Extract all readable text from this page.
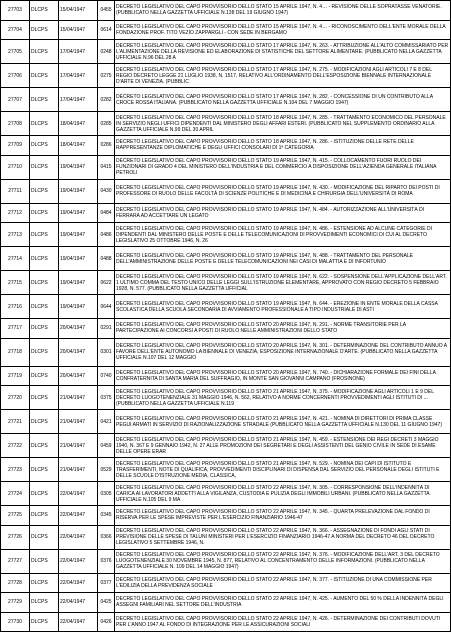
27703	DLCPS	15/04/1947	0455	DECRETO LEGISLATIVO DEL CAPO PROVVISORIO DELLO STATO 15 APRILE 1947, N. 4… - REVISIONE DELLE SOPRATASSE VENATORIE. (PUBBLICATO NELLA GAZZETTA UFFICIALE N.138 DEL 19 GIUGNO 1947)

27704	DLCPS	15/04/1947	0614	DECRETO LEGISLATIVO DEL CAPO PROVVISORIO DELLO STATO 15 APRILE 1947, N. 4… - RICONOSCIMENTO DELL'ENTE MORALE DELLA FONDAZIONE PROF. TITO VEZIO ZAPPARGLI - CON SEDE IN BERGAMO

27705	DLCPS	17/04/1947	0248	DECRETO LEGISLATIVO DEL CAPO PROVVISORIO DELLO STATO 17 APRILE 1947, N. 263. - ATTRIBUZIONE ALL'ALTO COMMISSARIATO PER L'ALIMENTAZIONE DELLA REVISIONE ED ELABORAZIONE DI STATISTICHE DEL SETTORE ALIMENTARE. (PUBBLICATO NELLA GAZZETTA UFFICIALE N.96 DEL 28 A

27706	DLCPS	17/04/1947	0275	DECRETO LEGISLATIVO DEL CAPO PROVVISORIO DELLO STATO 17 APRILE 1947, N. 275. - MODIFICAZIONI AGLI ARTICOLI 7 E 8 DEL REGIO DECRETO LEGGE 21 LUGLIO 1938, N. 1517, RELATIVO ALL'ORDINAMENTO DELL'ESPOSIZIONE BIENNALE INTERNAZIONALE D'ARTE DI VENEZIA. (PUBBLIC

27707	DLCPS	17/04/1947	0282	DECRETO LEGISLATIVO DEL CAPO PROVVISORIO DELLO STATO 17 APRILE 1947, N. 282. - CONCESSIONE DI UN CONTRIBUTO ALLA CROCE ROSSA ITALIANA. (PUBBLICATO NELLA GAZZETTA UFFICIALE N.104 DEL 7 MAGGIO 1947)

27708	DLCPS	18/04/1947	0285	DECRETO LEGISLATIVO DEL CAPO PROVVISORIO DELLO STATO 18 APRILE 1947, N. 285. - TRATTAMENTO ECONOMICO DEL PERSONALE IN SERVIZIO NEGLI UFFICI DIPENDENTI DAL MINISTERO DEGLI AFFARI ESTERI. (PUBBLICATO NEL SUPPLEMENTO ORDINARIO ALLA GAZZETTA UFFICIALE N.99 DEL 30 APRIL

27709	DLCPS	18/04/1947	0286	DECRETO LEGISLATIVO DEL CAPO PROVVISORIO DELLO STATO 18 APRILE 1947, N. 286. - ISTITUZIONE DELLE RETE DELLE RAPPRESENTANZE DIPLOMATICHE E DEGLI UFFICI CONSOLARI DI 1ª CATEGORIA

27710	DLCPS	19/04/1947	0415	DECRETO LEGISLATIVO DEL CAPO PROVVISORIO DELLO STATO 19 APRILE 1947, N. 415. - COLLOCAMENTO FUORI RUOLO DEI FUNZIONARI DI GRADO 4 DEL MINISTERO DELL'INDUSTRIA E DEL COMMERCIO A DISPOSIZIONE DELL'AZIENDA GENERALE ITALIANA PETROLI

27711	DLCPS	19/04/1947	0430	DECRETO LEGISLATIVO DEL CAPO PROVVISORIO DELLO STATO 19 APRILE 1947, N. 430. - MODIFICAZIONE DEL RIPARTO DEI POSTI DI PROFESSORE DI RUOLO DELLE FACOLTÀ DI SCIENZE POLITICHE E DI MEDICINA E CHIRURGIA DELL'UNIVERSITÀ DI ROMA

27712	DLCPS	19/04/1947	0484	DECRETO LEGISLATIVO DEL CAPO PROVVISORIO DELLO STATO 19 APRILE 1947, N. 484. - AUTORIZZAZIONE ALL'UNIVERSITÀ DI FERRARA AD ACCETTARE UN LEGATO

27713	DLCPS	19/04/1947	0486	DECRETO LEGISLATIVO DEL CAPO PROVVISORIO DELLO STATO 19 APRILE 1947, N. 486. - ESTENSIONE AD ALCUNE CATEGORIE DI DIPENDENTI DAL MINISTERO DELLE POSTE E DELLE TELECOMUNICAZIONI DI PROVVEDIMENTI ECONOMICI DI CUI AL DECRETO LEGISLATIVO 25 OTTOBRE 1946, N. 26

27714	DLCPS	19/04/1947	0488	DECRETO LEGISLATIVO DEL CAPO PROVVISORIO DELLO STATO 19 APRILE 1947, N. 488. - TRATTAMENTO DEL PERSONALE DELL'AMMINISTRAZIONE DELLE POSTE E DELLE TELECOMUNICAZIONI NEI CASI DI MALATTIA E DI INFORTUNIO

27715	DLCPS	19/04/1947	0622	DECRETO LEGISLATIVO DEL CAPO PROVVISORIO DELLO STATO 19 APRILE 1947, N. 622. - SOSPENSIONE DELL'APPLICAZIONE DELL'ART. 1 ULTIMO COMMA DEL TESTO UNICO DELLE LEGGI SULL'ISTRUZIONE ELEMENTARE, APPROVATO CON REGIO DECRETO 5 FEBBRAIO 1928, N. 577. (PUBBLICATO NELLA GAZZETTA UFFICIAL

27716	DLCPS	19/04/1947	0644	DECRETO LEGISLATIVO DEL CAPO PROVVISORIO DELLO STATO 19 APRILE 1947, N. 644. - EREZIONE IN ENTE MORALE DELLA CASSA SCOLASTICA DELLA SCUOLA SECONDARIA DI AVVIAMENTO PROFESSIONALE A TIPO INDUSTRIALE DI ASTI

27717	DLCPS	20/04/1947	0291	DECRETO LEGISLATIVO DEL CAPO PROVVISORIO DELLO STATO 20 APRILE 1947, N. 291. - NORME TRANSITORIE PER LA PARTECIPAZIONE AI CONCORSI A POSTI DI RUOLO NELLE AMMINISTRAZIONI DELLO STATO

27718	DLCPS	20/04/1947	0301	DECRETO LEGISLATIVO DEL CAPO PROVVISORIO DELLO STATO 20 APRILE 1947, N. 301. - DETERMINAZIONE DEL CONTRIBUTO ANNUO A FAVORE DELL'ENTE AUTONOMO LA BIENNALE DI VENEZIA, ESPOSIZIONE INTERNAZIONALE D'ARTE. (PUBBLICATO NELLA GAZZETTA UFFICIALE N.107 DEL 12 MAGGIO

27719	DLCPS	20/04/1947	0740	DECRETO LEGISLATIVO DEL CAPO PROVVISORIO DELLO STATO 20 APRILE 1947, N. 740. - DICHIARAZIONE FORMALE DEI FINI DELLA CONFRATERNITA DI SANTA MARIA DEL SUFFRAGIO, IN MONTE SAN GIOVANNI CAMPANO (FROSINONE)

27720	DLCPS	21/04/1947	0375	DECRETO LEGISLATIVO DEL CAPO PROVVISORIO DELLO STATO 21 APRILE 1947, N. 375. - MODIFICAZIONE AGLI ARTICOLI 1 E 9 DEL DECRETO LUOGOTENENZIALE 31 MAGGIO 1946, N. 562, RELATIVO A NORME CONCERNENTI PROVVEDIMENTI AGLI ISTITUTI DI ... (PUBBLICATO NELLA GAZZETTA UFFICIALE N.119

27721	DLCPS	21/04/1947	0421	DECRETO LEGISLATIVO DEL CAPO PROVVISORIO DELLO STATO 21 APRILE 1947, N. 421. - NOMINA DI DIRETTORI DI PRIMA CLASSE PEGUI ARMATI IN SERVIZIO DI RAZIONALIZZAZIONE STRADALE (PUBBLICATO NELLA GAZZETTA UFFICIALE N.130 DEL 11 GIUGNO 1947)

27722	DLCPS	21/04/1947	0459	DECRETO LEGISLATIVO DEL CAPO PROVVISORIO DELLO STATO 21 APRILE 1947, N. 459. - ESTENSIONE DEI REGI DECRETI 3 MAGGIO 1940, N. 367 E 9 GENNAIO 1942, N. 27 ALLE PROMOZIONI DEI SEGRETARI E DEGLI ASSISTENTI DEL GENIO CIVILE IN SEDE DI ESAME DELLE OPERE ERAR

27723	DLCPS	21/04/1947	0529	DECRETO LEGISLATIVO DEL CAPO PROVVISORIO DELLO STATO 21 APRILE 1947, N. 529. - NOMINA DEI CAPI DI ISTITUTO E TRASFERIMENTI, NOTE DI QUALIFICA, PROVVEDIMENTI DISCIPLINARI DI DISPENSA DAL SERVIZIO DEL PERSONALE DEGLI ISTITUTI E DELLE SCUOLE D'ISTRUZIONE MEDIA, CLASSICA,

27724	DLCPS	22/04/1947	0305	DECRETO LEGISLATIVO DEL CAPO PROVVISORIO DELLO STATO 22 APRILE 1947, N. 305. - CORRESPONSIONE DELL'INDENNITÀ DI CARICA AI LAVORATORI ADDETTI ALLA VIGILANZA, CUSTODIA E PULIZIA DEGLI IMMOBILI URBANI. (PUBBLICATO NELLA GAZZETTA UFFICIALE N.105 DEL 9 MA

27725	DLCPS	22/04/1947	0345	DECRETO LEGISLATIVO DEL CAPO PROVVISORIO DELLO STATO 22 APRILE 1947, N. 345. - QUARTA PRELEVAZIONE DAL FONDO DI RISERVA PER LE SPESE IMPREVISTE PER L'ESERCIZIO FINANZIARIO 1946-47

27726	DLCPS	22/04/1947	0366	DECRETO LEGISLATIVO DEL CAPO PROVVISORIO DELLO STATO 22 APRILE 1947, N. 366. - ASSEGNAZIONE DI FONDI AGLI STATI DI PREVISIONE DELLE SPESE DI TALUNI MINISTERI PER L'ESERCIZIO FINANZIARIO 1946-47 A NORMA DEL DECRETO 46 DEL DECRETO LEGISLATIVO 5 SETTEMBRE 1946, N.

27727	DLCPS	22/04/1947	0376	DECRETO LEGISLATIVO DEL CAPO PROVVISORIO DELLO STATO 22 APRILE 1947, N. 376. - MODIFICAZIONE DELL'ART. 3 DEL DECRETO LUOGOTENENZIALE 30 NOVEMBRE 1945, N. 877, RELATIVO AL CONCENTRAMENTO DELLE INFORMAZIONI. (PUBBLICATO NELLA GAZZETTA UFFICIALE N. 109 DEL 14 MAGGIO 1947)

27728	DLCPS	22/04/1947	0377	DECRETO LEGISLATIVO DEL CAPO PROVVISORIO DELLO STATO 22 APRILE 1947, N. 377. - ISTITUZIONE DI UNA COMMISSIONE PER L'EDILIZIA DELLA PREVIDENZA SOCIALE

27729	DLCPS	22/04/1947	0425	DECRETO LEGISLATIVO DEL CAPO PROVVISORIO DELLO STATO 22 APRILE 1947, N. 425. - AUMENTO DEL 50 % DELLA INDENNITÀ DEGLI ASSEGNI FAMILIARI NEL SETTORE DELL'INDUSTRIA

27730	DLCPS	22/04/1947	0426	DECRETO LEGISLATIVO DEL CAPO PROVVISORIO DELLO STATO 22 APRILE 1947, N. 426. - DETERMINAZIONE DEI CONTRIBUTI DOVUTI PER L'ANNO 1947 AL FONDO DI INTEGRAZIONE PER LE ASSICURAZIONI SOCIALI
